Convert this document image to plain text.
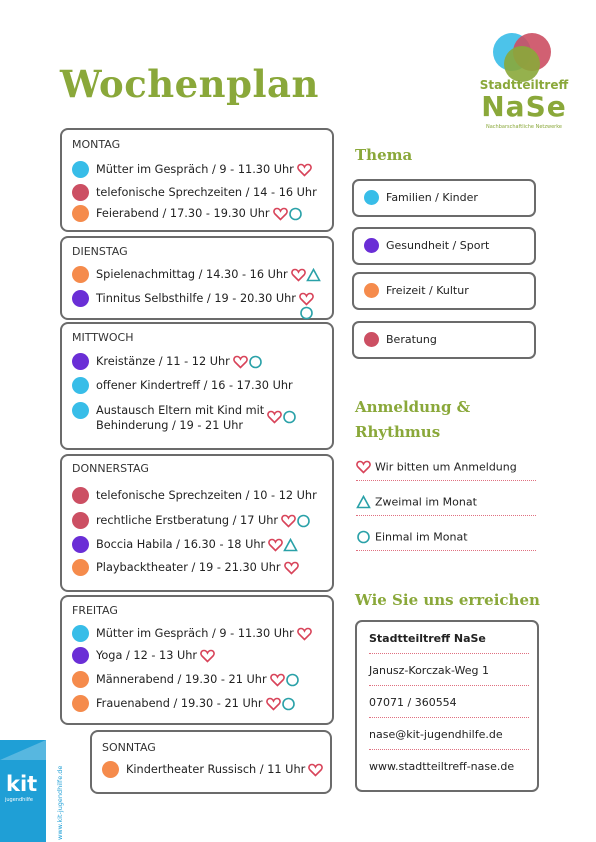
Wochenplan	Stadtteiltreff
NaSe
Nachbarschaftliche Netzwerke
MONTAG
Mütter im Gespräch / 9 - 11.30 Uhr
telefonische Sprechzeiten / 14 - 16 Uhr
Feierabend / 17.30 - 19.30 Uhr
DIENSTAG
Spielenachmittag / 14.30 - 16 Uhr
Tinnitus Selbsthilfe / 19 - 20.30 Uhr
MITTWOCH
Kreistänze / 11 - 12 Uhr
offener Kindertreff / 16 - 17.30 Uhr
Austausch Eltern mit Kind mit
Behinderung / 19 - 21 Uhr
DONNERSTAG
telefonische Sprechzeiten / 10 - 12 Uhr
rechtliche Erstberatung / 17 Uhr
Boccia Habila / 16.30 - 18 Uhr
Playbacktheater / 19 - 21.30 Uhr
FREITAG
Mütter im Gespräch / 9 - 11.30 Uhr
Yoga / 12 - 13 Uhr
Männerabend / 19.30 - 21 Uhr
Frauenabend / 19.30 - 21 Uhr
SONNTAG
Kindertheater Russisch / 11 Uhr
Thema
Familien / Kinder
Gesundheit / Sport
Freizeit / Kultur
Beratung
Anmeldung &
Rhythmus
Wir bitten um Anmeldung
Zweimal im Monat
Einmal im Monat
Wie Sie uns erreichen
Stadtteiltreff NaSe
Janusz-Korczak-Weg 1
07071 / 360554
nase@kit-jugendhilfe.de
www.stadtteiltreff-nase.de
kit
jugendhilfe	www.kit-jugendhilfe.de
